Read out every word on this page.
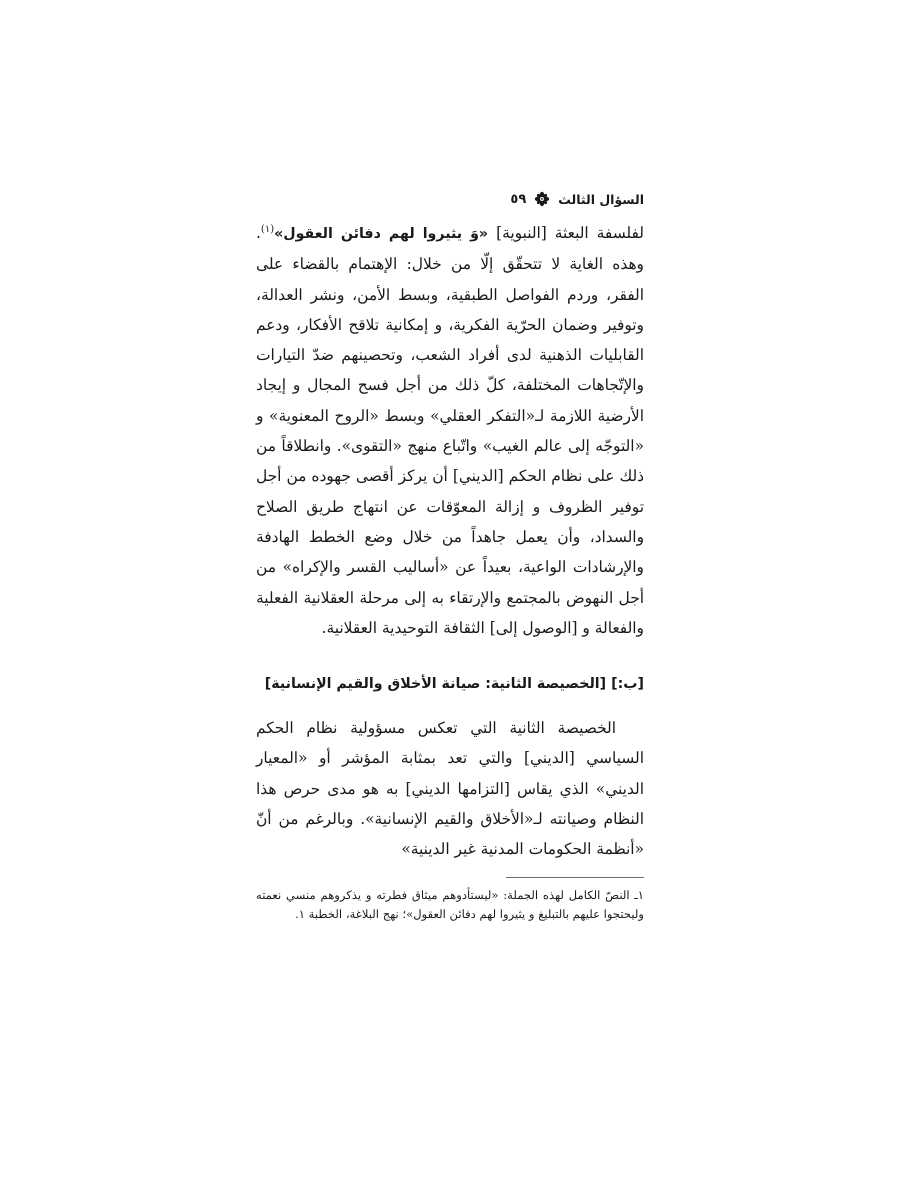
السؤال الثالث
٥٩

لفلسفة البعثة [النبوية] «وَ يثيروا لهم دفائن العقول»$^{(١)}$. وهذه الغاية لا تتحقّق إلّا من خلال: الإهتمام بالقضاء على الفقر، وردم الفواصل الطبقية، وبسط الأمن، ونشر العدالة، وتوفير وضمان الحرّية الفكرية، و إمكانية تلاقح الأفكار، ودعم القابليات الذهنية لدى أفراد الشعب، وتحصينهم ضدّ التيارات والإتّجاهات المختلفة، كلّ ذلك من أجل فسح المجال و إيجاد الأرضية اللازمة لـ«التفكر العقلي» وبسط «الروح المعنوية» و «التوجّه إلى عالم الغيب» واتّباع منهج «التقوى». وانطلاقاً من ذلك على نظام الحكم [الديني] أن يركز أقصى جهوده من أجل توفير الظروف و إزالة المعوّقات عن انتهاج طريق الصلاح والسداد، وأن يعمل جاهداً من خلال وضع الخطط الهادفة والإرشادات الواعية، بعيداً عن «أساليب القسر والإكراه» من أجل النهوض بالمجتمع والإرتقاء به إلى مرحلة العقلانية الفعلية والفعالة و [الوصول إلى] الثقافة التوحيدية العقلانية.

[ب:] [الخصيصة الثانية: صيانة الأخلاق والقيم الإنسانية]

الخصيصة الثانية التي تعكس مسؤولية نظام الحكم السياسي [الديني] والتي تعد بمثابة المؤشر أو «المعيار الديني» الذي يقاس [التزامها الديني] به هو مدى حرص هذا النظام وصيانته لـ«الأخلاق والقيم الإنسانية». وبالرغم من أنّ «أنظمة الحكومات المدنية غير الدينية»

١ـ النصّ الكامل لهذه الجملة: «ليستأدوهم ميثاق فطرته و يذكروهم منسي نعمته وليحتجوا عليهم بالتبليغ و يثيروا لهم دفائن العقول»؛ نهج البلاغة، الخطبة ١.
